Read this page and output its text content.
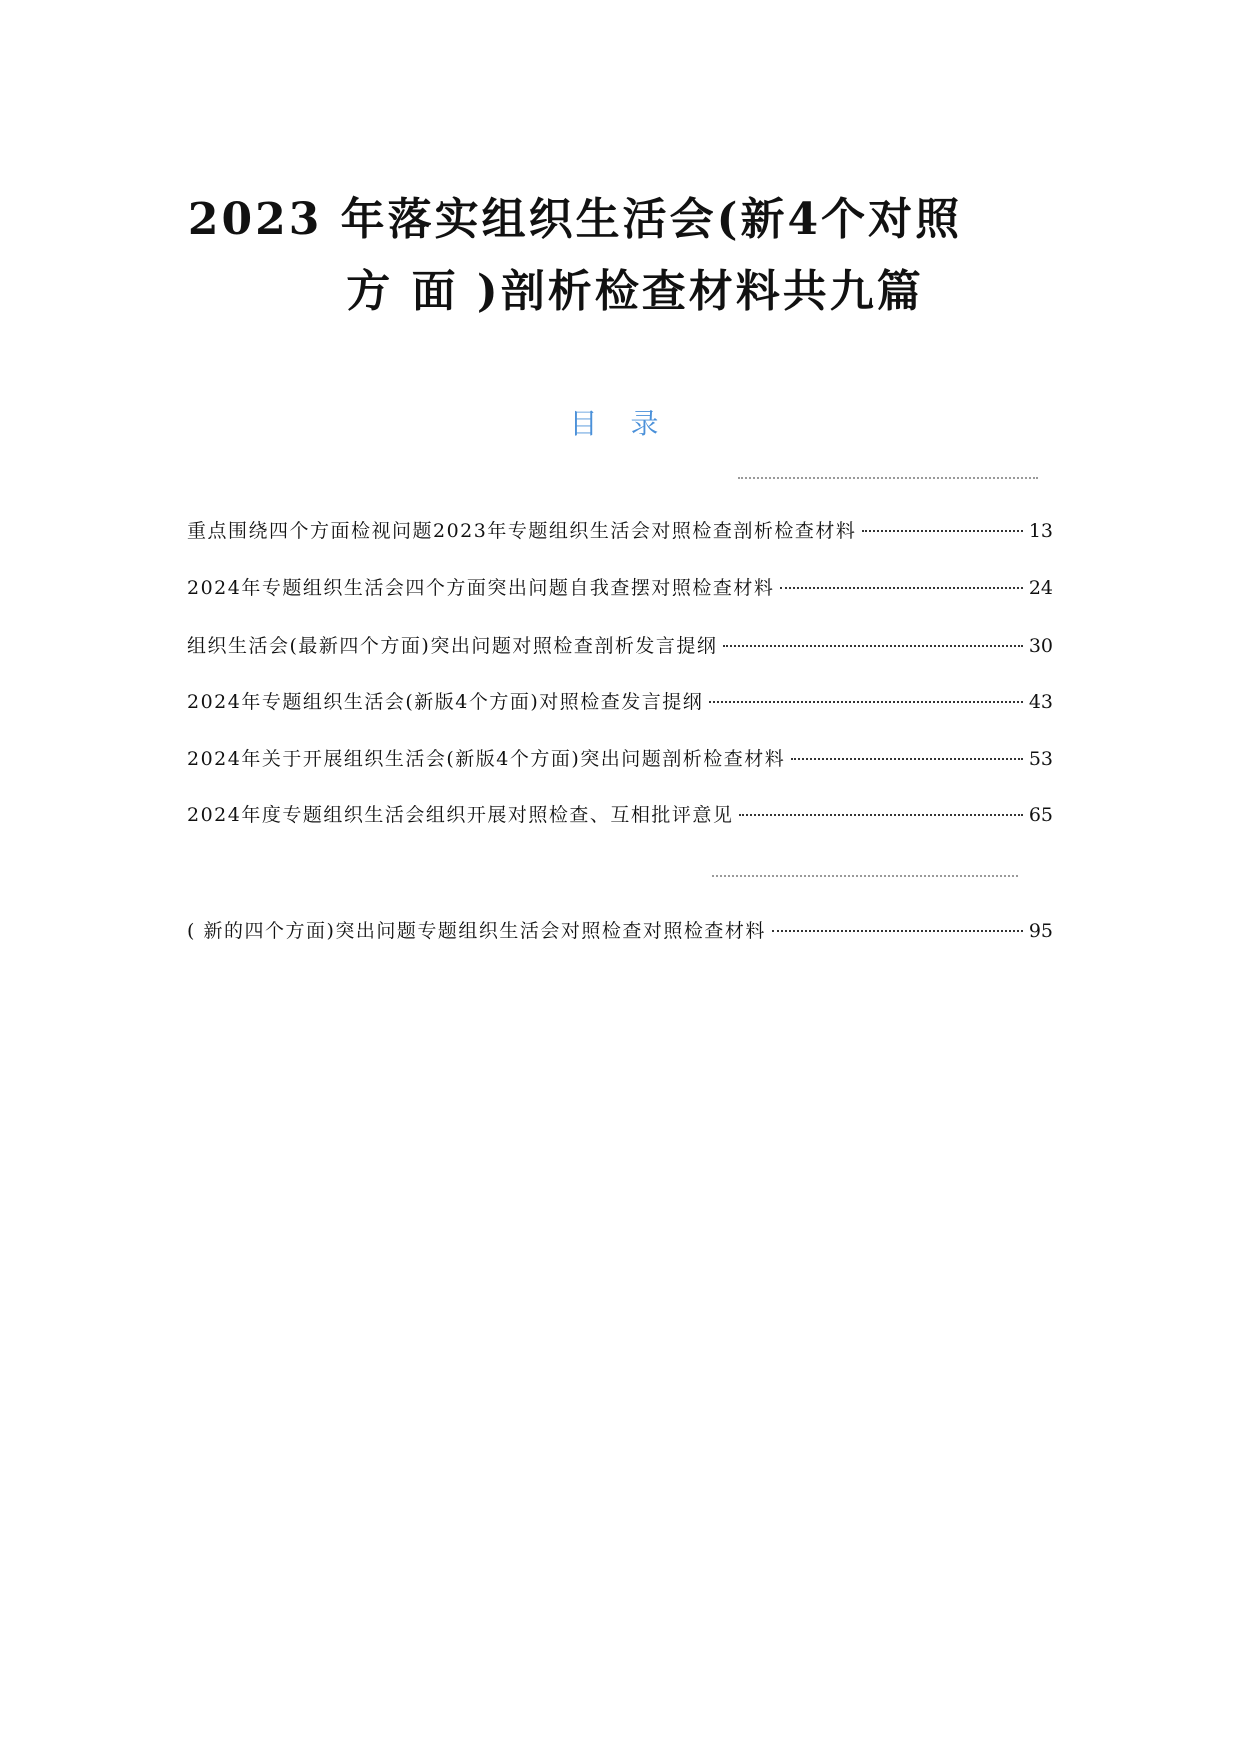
2023 年落实组织生活会(新4个对照
方 面 )剖析检查材料共九篇
目 录
重点围绕四个方面检视问题2023年专题组织生活会对照检查剖析检查材料	13
2024年专题组织生活会四个方面突出问题自我查摆对照检查材料	24
组织生活会(最新四个方面)突出问题对照检查剖析发言提纲	30
2024年专题组织生活会(新版4个方面)对照检查发言提纲	43
2024年关于开展组织生活会(新版4个方面)突出问题剖析检查材料	53
2024年度专题组织生活会组织开展对照检查、互相批评意见	65
( 新的四个方面)突出问题专题组织生活会对照检查对照检查材料	95
